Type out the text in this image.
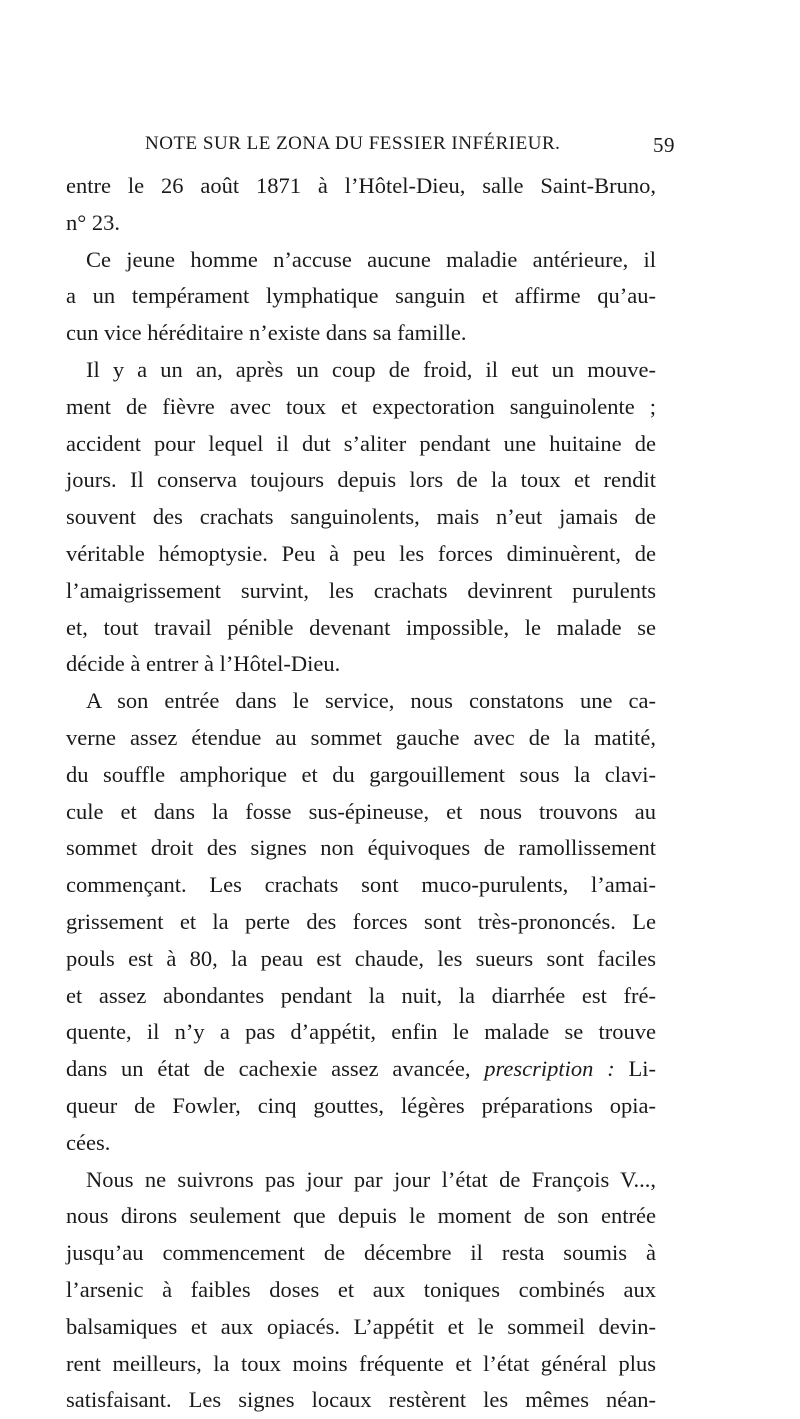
NOTE SUR LE ZONA DU FESSIER INFÉRIEUR.	59
entre le 26 août 1871 à l’Hôtel-Dieu, salle Saint-Bruno,
n° 23.
Ce jeune homme n’accuse aucune maladie antérieure, il
a un tempérament lymphatique sanguin et affirme qu’au-
cun vice héréditaire n’existe dans sa famille.
Il y a un an, après un coup de froid, il eut un mouve-
ment de fièvre avec toux et expectoration sanguinolente ;
accident pour lequel il dut s’aliter pendant une huitaine de
jours. Il conserva toujours depuis lors de la toux et rendit
souvent des crachats sanguinolents, mais n’eut jamais de
véritable hémoptysie. Peu à peu les forces diminuèrent, de
l’amaigrissement survint, les crachats devinrent purulents
et, tout travail pénible devenant impossible, le malade se
décide à entrer à l’Hôtel-Dieu.
A son entrée dans le service, nous constatons une ca-
verne assez étendue au sommet gauche avec de la matité,
du souffle amphorique et du gargouillement sous la clavi-
cule et dans la fosse sus-épineuse, et nous trouvons au
sommet droit des signes non équivoques de ramollissement
commençant. Les crachats sont muco-purulents, l’amai-
grissement et la perte des forces sont très-prononcés. Le
pouls est à 80, la peau est chaude, les sueurs sont faciles
et assez abondantes pendant la nuit, la diarrhée est fré-
quente, il n’y a pas d’appétit, enfin le malade se trouve
dans un état de cachexie assez avancée, prescription : Li-
queur de Fowler, cinq gouttes, légères préparations opia-
cées.
Nous ne suivrons pas jour par jour l’état de François V...,
nous dirons seulement que depuis le moment de son entrée
jusqu’au commencement de décembre il resta soumis à
l’arsenic à faibles doses et aux toniques combinés aux
balsamiques et aux opiacés. L’appétit et le sommeil devin-
rent meilleurs, la toux moins fréquente et l’état général plus
satisfaisant. Les signes locaux restèrent les mêmes néan-
